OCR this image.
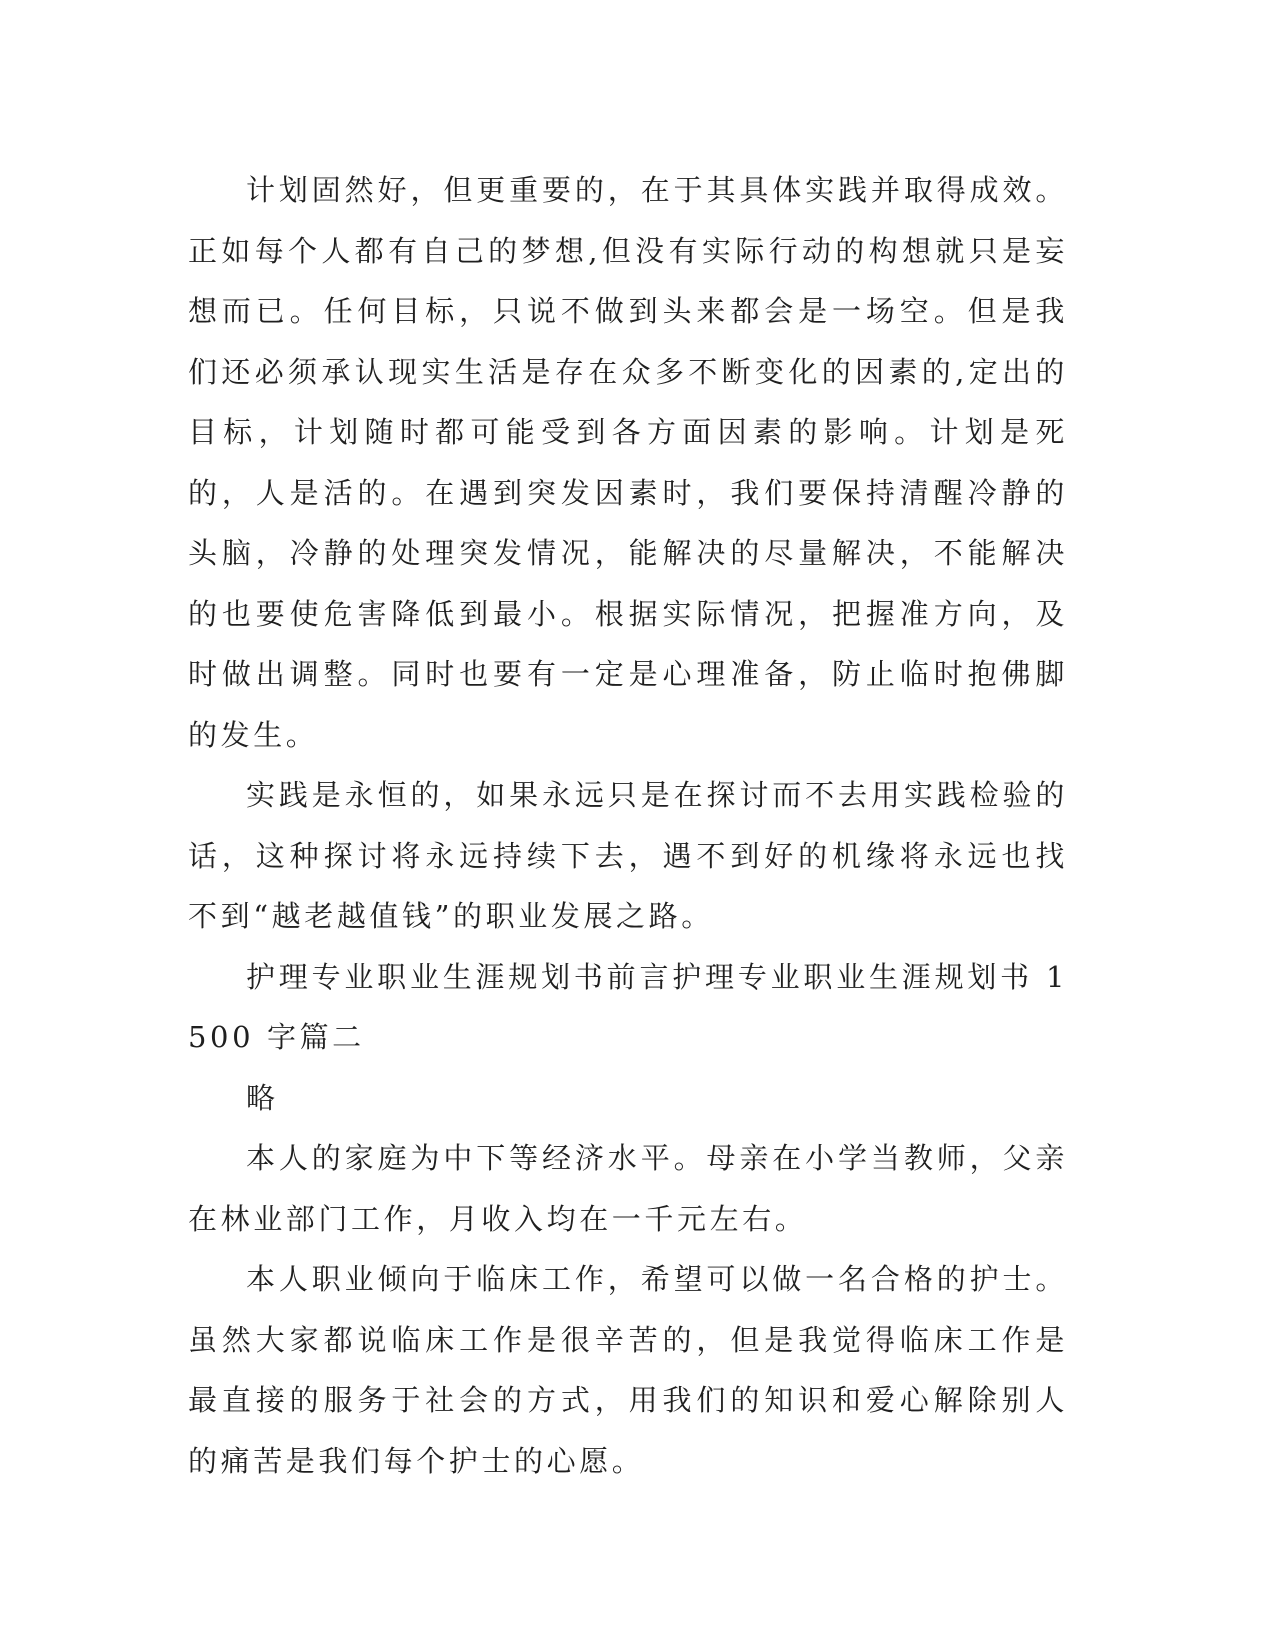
计划固然好，但更重要的，在于其具体实践并取得成效。正如每个人都有自己的梦想,但没有实际行动的构想就只是妄想而已。任何目标，只说不做到头来都会是一场空。但是我们还必须承认现实生活是存在众多不断变化的因素的,定出的目标，计划随时都可能受到各方面因素的影响。计划是死的，人是活的。在遇到突发因素时，我们要保持清醒冷静的头脑，冷静的处理突发情况，能解决的尽量解决，不能解决的也要使危害降低到最小。根据实际情况，把握准方向，及时做出调整。同时也要有一定是心理准备，防止临时抱佛脚的发生。

实践是永恒的，如果永远只是在探讨而不去用实践检验的话，这种探讨将永远持续下去，遇不到好的机缘将永远也找不到“越老越值钱”的职业发展之路。

护理专业职业生涯规划书前言护理专业职业生涯规划书 1500 字篇二

略

本人的家庭为中下等经济水平。母亲在小学当教师，父亲在林业部门工作，月收入均在一千元左右。

本人职业倾向于临床工作，希望可以做一名合格的护士。虽然大家都说临床工作是很辛苦的，但是我觉得临床工作是最直接的服务于社会的方式，用我们的知识和爱心解除别人的痛苦是我们每个护士的心愿。
